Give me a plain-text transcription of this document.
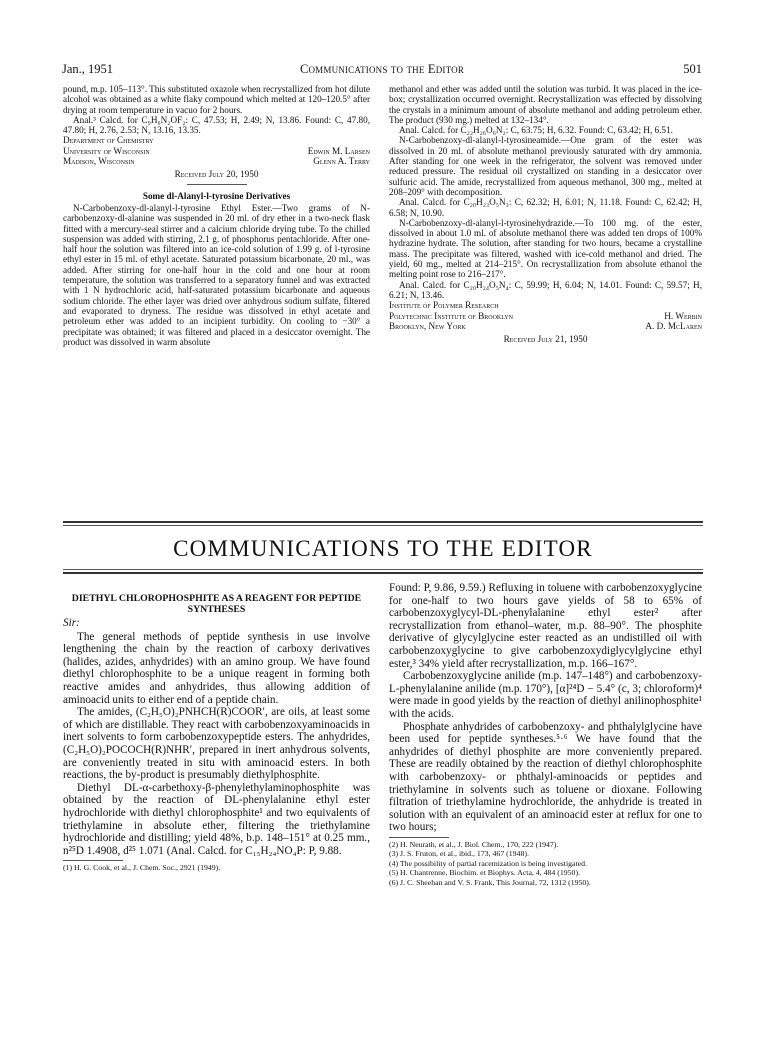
Jan., 1951	Communications to the Editor	501

pound, m.p. 105–113°. This substituted oxazole when recrystallized from hot dilute alcohol was obtained as a white flaky compound which melted at 120–120.5° after drying at room temperature in vacuo for 2 hours.

Anal.³ Calcd. for C₉H₆N₂OF₂: C, 47.53; H, 2.49; N, 13.86. Found: C, 47.80, 47.80; H, 2.76, 2.53; N, 13.16, 13.35.

Department of Chemistry
University of Wisconsin	Edwin M. Larsen
Madison, Wisconsin	Glenn A. Terry
Received July 20, 1950
Some dl-Alanyl-l-tyrosine Derivatives

N-Carbobenzoxy-dl-alanyl-l-tyrosine Ethyl Ester.—Two grams of N-carbobenzoxy-dl-alanine was suspended in 20 ml. of dry ether in a two-neck flask fitted with a mercury-seal stirrer and a calcium chloride drying tube. To the chilled suspension was added with stirring, 2.1 g. of phosphorus pentachloride. After one-half hour the solution was filtered into an ice-cold solution of 1.99 g. of l-tyrosine ethyl ester in 15 ml. of ethyl acetate. Saturated potassium bicarbonate, 20 ml., was added. After stirring for one-half hour in the cold and one hour at room temperature, the solution was transferred to a separatory funnel and was extracted with 1 N hydrochloric acid, half-saturated potassium bicarbonate and aqueous sodium chloride. The ether layer was dried over anhydrous sodium sulfate, filtered and evaporated to dryness. The residue was dissolved in ethyl acetate and petroleum ether was added to an incipient turbidity. On cooling to −30° a precipitate was obtained; it was filtered and placed in a desiccator overnight. The product was dissolved in warm absolute

methanol and ether was added until the solution was turbid. It was placed in the ice-box; crystallization occurred overnight. Recrystallization was effected by dissolving the crystals in a minimum amount of absolute methanol and adding petroleum ether. The product (930 mg.) melted at 132–134°.

Anal. Calcd. for C₂₂H₂₆O₆N₂: C, 63.75; H, 6.32. Found: C, 63.42; H, 6.51.

N-Carbobenzoxy-dl-alanyl-l-tyrosineamide.—One gram of the ester was dissolved in 20 ml. of absolute methanol previously saturated with dry ammonia. After standing for one week in the refrigerator, the solvent was removed under reduced pressure. The residual oil crystallized on standing in a desiccator over sulfuric acid. The amide, recrystallized from aqueous methanol, 300 mg., melted at 208–209° with decomposition.

Anal. Calcd. for C₂₀H₂₃O₅N₃: C, 62.32; H, 6.01; N, 11.18. Found: C, 62.42; H, 6.58; N, 10.90.

N-Carbobenzoxy-dl-alanyl-l-tyrosinehydrazide.—To 100 mg. of the ester, dissolved in about 1.0 ml. of absolute methanol there was added ten drops of 100% hydrazine hydrate. The solution, after standing for two hours, became a crystalline mass. The precipitate was filtered, washed with ice-cold methanol and dried. The yield, 60 mg., melted at 214–215°. On recrystallization from absolute ethanol the melting point rose to 216–217°.

Anal. Calcd. for C₂₀H₂₄O₅N₄: C, 59.99; H, 6.04; N, 14.01. Found: C, 59.57; H, 6.21; N, 13.46.

Institute of Polymer Research
Polytechnic Institute of Brooklyn	H. Werbin
Brooklyn, New York	A. D. McLaren
Received July 21, 1950
COMMUNICATIONS TO THE EDITOR
DIETHYL CHLOROPHOSPHITE AS A REAGENT FOR PEPTIDE SYNTHESES
Sir:

The general methods of peptide synthesis in use involve lengthening the chain by the reaction of carboxy derivatives (halides, azides, anhydrides) with an amino group. We have found diethyl chlorophosphite to be a unique reagent in forming both reactive amides and anhydrides, thus allowing addition of aminoacid units to either end of a peptide chain.

The amides, (C₂H₅O)₂PNHCH(R)COOR′, are oils, at least some of which are distillable. They react with carbobenzoxyaminoacids in inert solvents to form carbobenzoxypeptide esters. The anhydrides, (C₂H₅O)₂POCOCH(R)NHR′, prepared in inert anhydrous solvents, are conveniently treated in situ with aminoacid esters. In both reactions, the by-product is presumably diethylphosphite.

Diethyl DL-α-carbethoxy-β-phenylethylaminophosphite was obtained by the reaction of DL-phenylalanine ethyl ester hydrochloride with diethyl chlorophosphite¹ and two equivalents of triethylamine in absolute ether, filtering the triethylamine hydrochloride and distilling; yield 48%, b.p. 148–151° at 0.25 mm., n²⁵D 1.4908, d²⁵ 1.071 (Anal. Calcd. for C₁₅H₂₄NO₄P: P, 9.88.

(1) H. G. Cook, et al., J. Chem. Soc., 2921 (1949).

Found: P, 9.86, 9.59.) Refluxing in toluene with carbobenzoxyglycine for one-half to two hours gave yields of 58 to 65% of carbobenzoxyglycyl-DL-phenylalanine ethyl ester² after recrystallization from ethanol–water, m.p. 88–90°. The phosphite derivative of glycylglycine ester reacted as an undistilled oil with carbobenzoxyglycine to give carbobenzoxydiglycylglycine ethyl ester,³ 34% yield after recrystallization, m.p. 166–167°.

Carbobenzoxyglycine anilide (m.p. 147–148°) and carbobenzoxy-L-phenylalanine anilide (m.p. 170°), [α]²⁴D − 5.4° (c, 3; chloroform)⁴ were made in good yields by the reaction of diethyl anilinophosphite¹ with the acids.

Phosphate anhydrides of carbobenzoxy- and phthalylglycine have been used for peptide syntheses.⁵·⁶ We have found that the anhydrides of diethyl phosphite are more conveniently prepared. These are readily obtained by the reaction of diethyl chlorophosphite with carbobenzoxy- or phthalyl-aminoacids or peptides and triethylamine in solvents such as toluene or dioxane. Following filtration of triethylamine hydrochloride, the anhydride is treated in solution with an equivalent of an aminoacid ester at reflux for one to two hours;

(2) H. Neurath, et al., J. Biol. Chem., 170, 222 (1947).
(3) J. S. Fruton, et al., ibid., 173, 467 (1948).
(4) The possibility of partial racemization is being investigated.
(5) H. Chantrenne, Biochim. et Biophys. Acta, 4, 484 (1950).
(6) J. C. Sheehan and V. S. Frank, This Journal, 72, 1312 (1950).
